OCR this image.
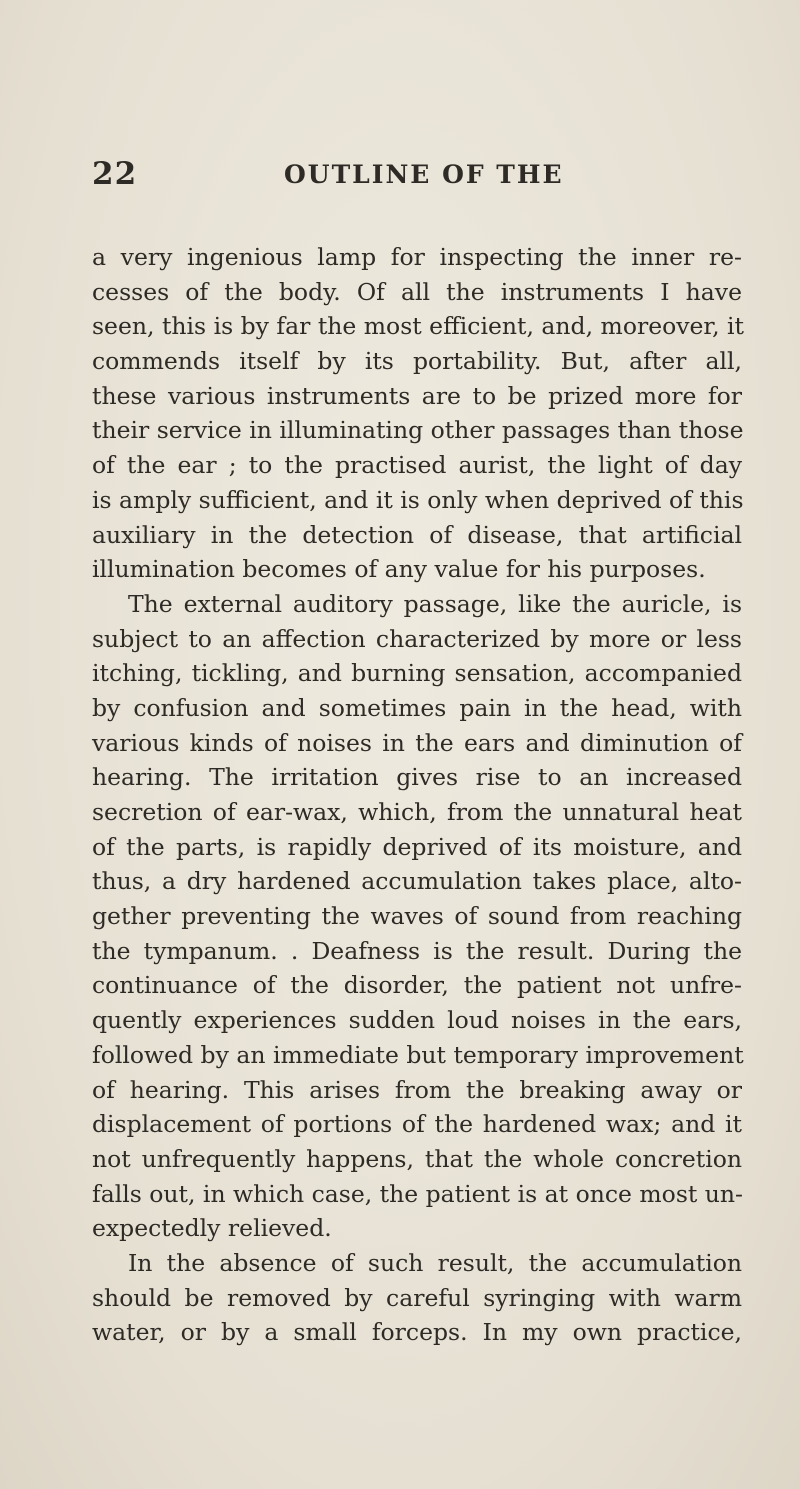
22	OUTLINE OF THE
a very ingenious lamp for inspecting the inner re-
cesses of the body. Of all the instruments I have
seen, this is by far the most efficient, and, moreover, it
commends itself by its portability. But, after all,
these various instruments are to be prized more for
their service in illuminating other passages than those
of the ear ; to the practised aurist, the light of day
is amply sufficient, and it is only when deprived of this
auxiliary in the detection of disease, that artificial
illumination becomes of any value for his purposes.
The external auditory passage, like the auricle, is
subject to an affection characterized by more or less
itching, tickling, and burning sensation, accompanied
by confusion and sometimes pain in the head, with
various kinds of noises in the ears and diminution of
hearing. The irritation gives rise to an increased
secretion of ear-wax, which, from the unnatural heat
of the parts, is rapidly deprived of its moisture, and
thus, a dry hardened accumulation takes place, alto-
gether preventing the waves of sound from reaching
the tympanum. . Deafness is the result. During the
continuance of the disorder, the patient not unfre-
quently experiences sudden loud noises in the ears,
followed by an immediate but temporary improvement
of hearing. This arises from the breaking away or
displacement of portions of the hardened wax; and it
not unfrequently happens, that the whole concretion
falls out, in which case, the patient is at once most un-
expectedly relieved.
In the absence of such result, the accumulation
should be removed by careful syringing with warm
water, or by a small forceps. In my own practice,
